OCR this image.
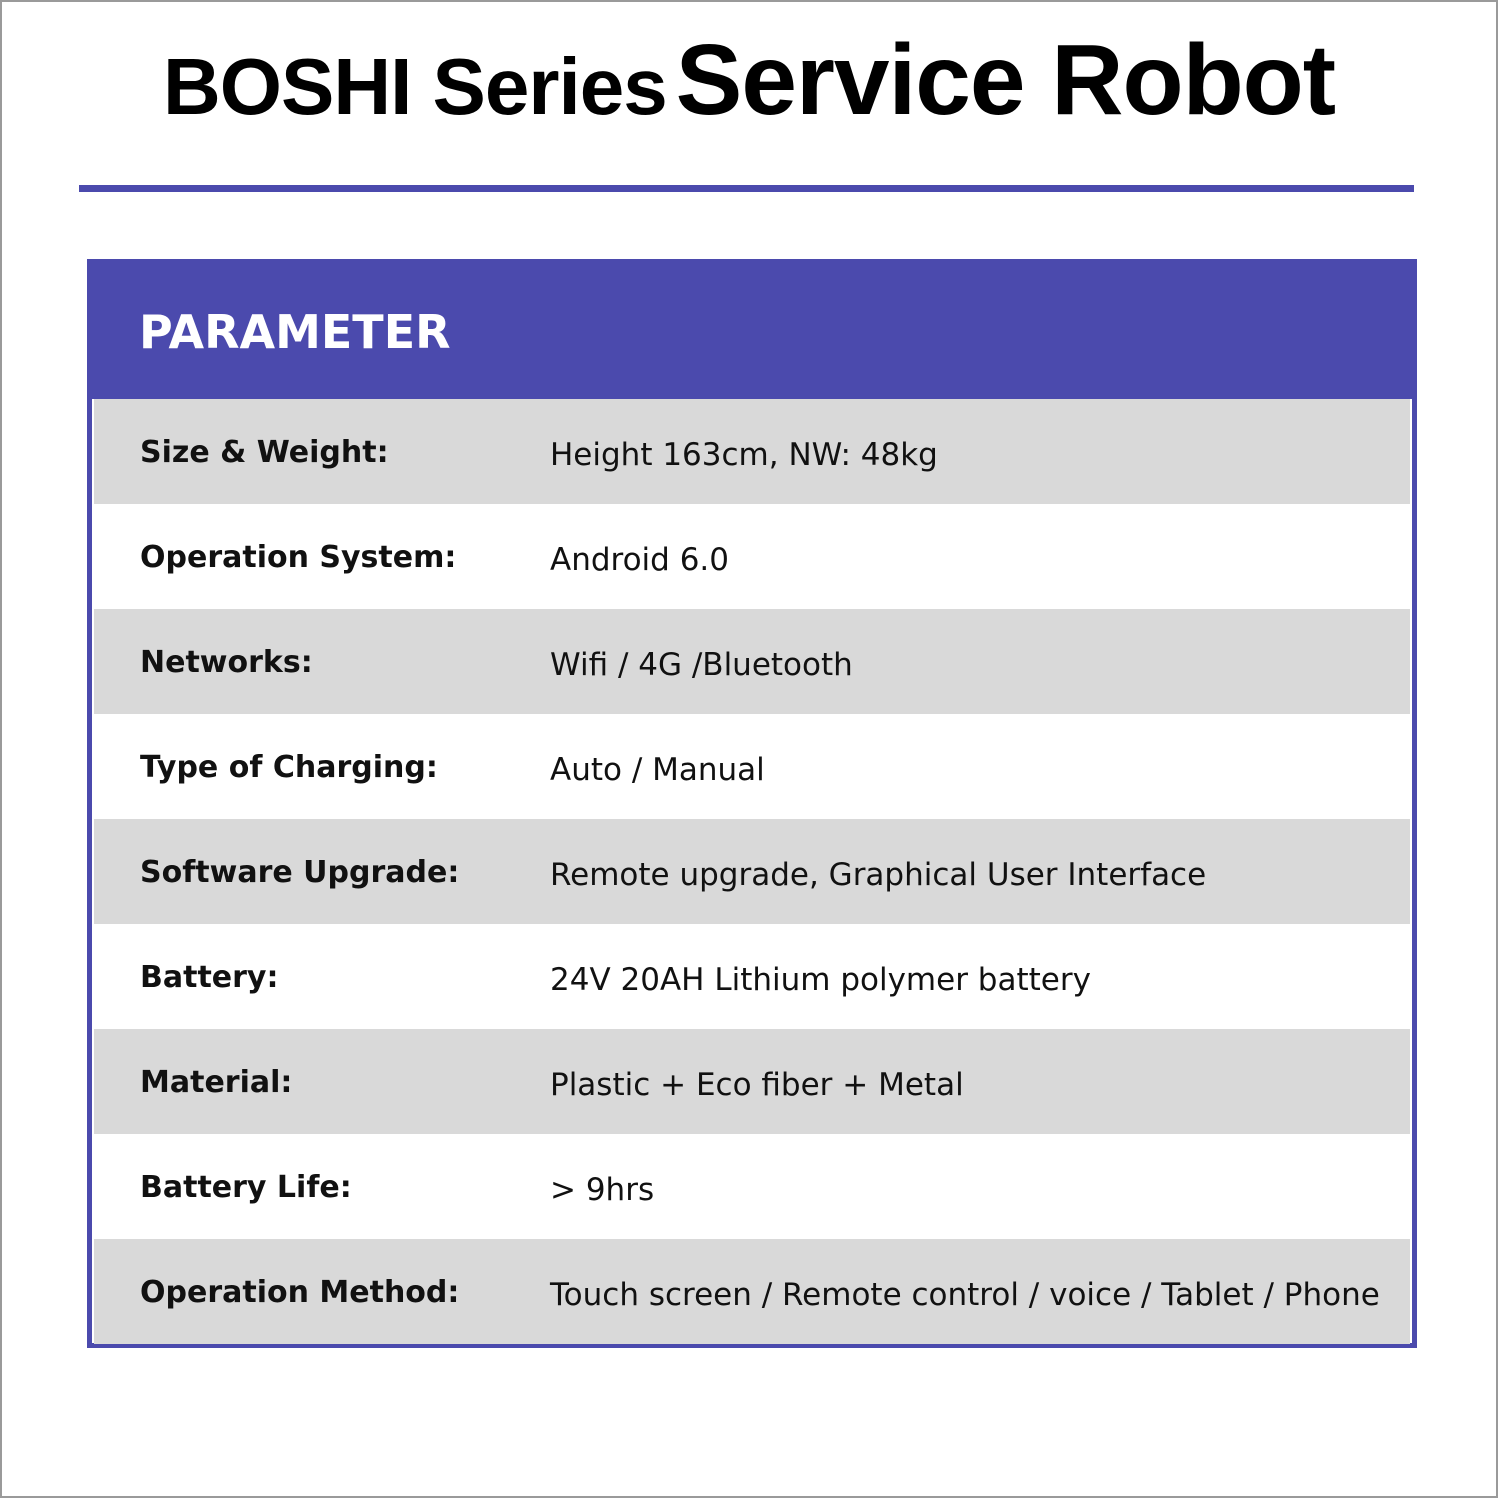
BOSHI Series Service Robot
PARAMETER
Size & Weight:	Height 163cm, NW: 48kg
Operation System:	Android 6.0
Networks:	Wifi / 4G /Bluetooth
Type of Charging:	Auto / Manual
Software Upgrade:	Remote upgrade, Graphical User Interface
Battery:	24V 20AH Lithium polymer battery
Material:	Plastic + Eco fiber + Metal
Battery Life:	> 9hrs
Operation Method:	Touch screen / Remote control / voice / Tablet / Phone
